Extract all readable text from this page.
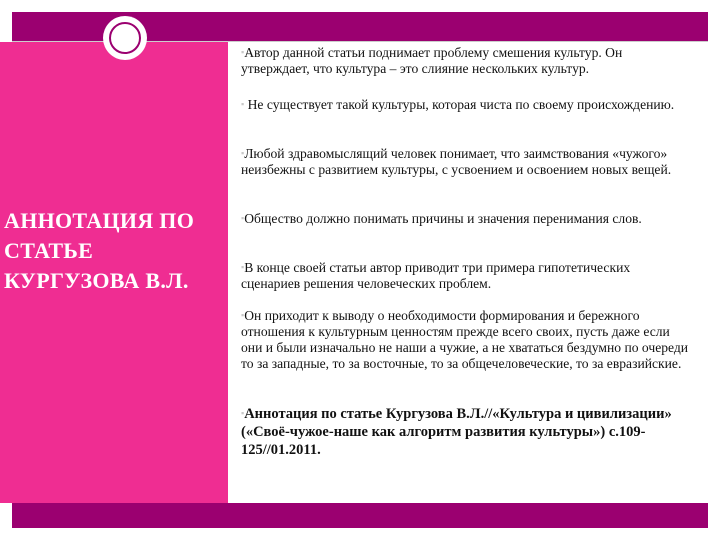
АННОТАЦИЯ ПО СТАТЬЕ КУРГУЗОВА В.Л.
▪Автор данной статьи поднимает проблему смешения культур. Он утверждает, что культура – это слияние нескольких культур.
▪ Не существует такой культуры, которая чиста по своему происхождению.
▪Любой здравомыслящий человек понимает, что заимствования «чужого» неизбежны с развитием культуры, с усвоением и освоением новых вещей.
▪Общество должно понимать причины и значения перенимания слов.
▪В конце своей статьи автор приводит три примера гипотетических сценариев решения человеческих проблем.
▪Он приходит к выводу о необходимости формирования и бережного отношения к культурным ценностям прежде всего своих, пусть даже если они и были изначально не наши а чужие, а не хвататься бездумно по очереди то за западные, то за восточные, то за общечеловеческие, то за евразийские.
▪Аннотация по статье Кургузова В.Л.//«Культура и цивилизации» («Своё-чужое-наше как алгоритм развития культуры») с.109-125//01.2011.
